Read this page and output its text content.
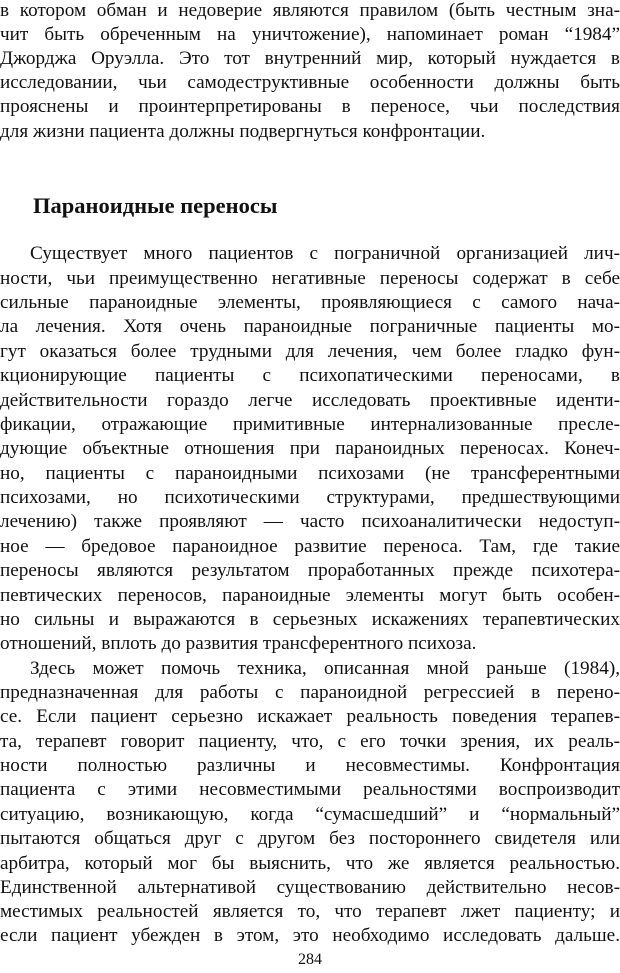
в котором обман и недоверие являются правилом (быть честным зна-
чит быть обреченным на уничтожение), напоминает роман “1984”
Джорджа Оруэлла. Это тот внутренний мир, который нуждается в
исследовании, чьи самодеструктивные особенности должны быть
прояснены и проинтерпретированы в переносе, чьи последствия
для жизни пациента должны подвергнуться конфронтации.
Параноидные переносы
Существует много пациентов с пограничной организацией лич-
ности, чьи преимущественно негативные переносы содержат в себе
сильные параноидные элементы, проявляющиеся с самого нача-
ла лечения. Хотя очень параноидные пограничные пациенты мо-
гут оказаться более трудными для лечения, чем более гладко фун-
кционирующие пациенты с психопатическими переносами, в
действительности гораздо легче исследовать проективные иденти-
фикации, отражающие примитивные интернализованные пресле-
дующие объектные отношения при параноидных переносах. Конеч-
но, пациенты с параноидными психозами (не трансферентными
психозами, но психотическими структурами, предшествующими
лечению) также проявляют — часто психоаналитически недоступ-
ное — бредовое параноидное развитие переноса. Там, где такие
переносы являются результатом проработанных прежде психотера-
певтических переносов, параноидные элементы могут быть особен-
но сильны и выражаются в серьезных искажениях терапевтических
отношений, вплоть до развития трансферентного психоза.
Здесь может помочь техника, описанная мной раньше (1984),
предназначенная для работы с параноидной регрессией в перено-
се. Если пациент серьезно искажает реальность поведения терапев-
та, терапевт говорит пациенту, что, с его точки зрения, их реаль-
ности полностью различны и несовместимы. Конфронтация
пациента с этими несовместимыми реальностями воспроизводит
ситуацию, возникающую, когда “сумасшедший” и “нормальный”
пытаются общаться друг с другом без постороннего свидетеля или
арбитра, который мог бы выяснить, что же является реальностью.
Единственной альтернативой существованию действительно несов-
местимых реальностей является то, что терапевт лжет пациенту; и
если пациент убежден в этом, это необходимо исследовать дальше.
284
